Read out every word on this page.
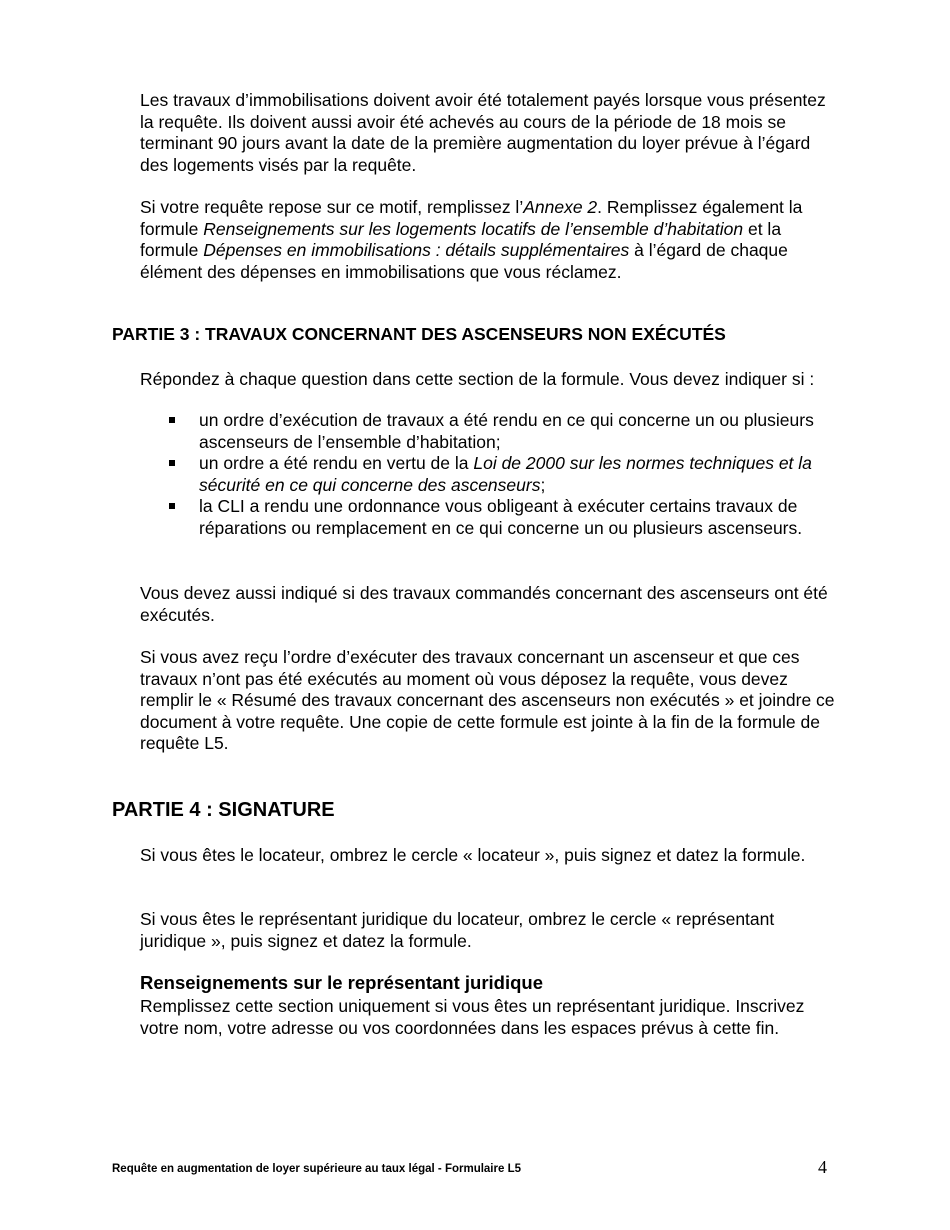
Les travaux d’immobilisations doivent avoir été totalement payés lorsque vous présentez la requête. Ils doivent aussi avoir été achevés au cours de la période de 18 mois se terminant 90 jours avant la date de la première augmentation du loyer prévue à l’égard des logements visés par la requête.

Si votre requête repose sur ce motif, remplissez l’Annexe 2. Remplissez également la formule Renseignements sur les logements locatifs de l’ensemble d’habitation et la formule Dépenses en immobilisations : détails supplémentaires à l’égard de chaque élément des dépenses en immobilisations que vous réclamez.

PARTIE 3 : TRAVAUX CONCERNANT DES ASCENSEURS NON EXÉCUTÉS

Répondez à chaque question dans cette section de la formule. Vous devez indiquer si :

un ordre d’exécution de travaux a été rendu en ce qui concerne un ou plusieurs ascenseurs de l’ensemble d’habitation;
un ordre a été rendu en vertu de la Loi de 2000 sur les normes techniques et la sécurité en ce qui concerne des ascenseurs;
la CLI a rendu une ordonnance vous obligeant à exécuter certains travaux de réparations ou remplacement en ce qui concerne un ou plusieurs ascenseurs.

Vous devez aussi indiqué si des travaux commandés concernant des ascenseurs ont été exécutés.

Si vous avez reçu l’ordre d’exécuter des travaux concernant un ascenseur et que ces travaux n’ont pas été exécutés au moment où vous déposez la requête, vous devez remplir le « Résumé des travaux concernant des ascenseurs non exécutés » et joindre ce document à votre requête. Une copie de cette formule est jointe à la fin de la formule de requête L5.

PARTIE 4 : SIGNATURE

Si vous êtes le locateur, ombrez le cercle « locateur », puis signez et datez la formule.

Si vous êtes le représentant juridique du locateur, ombrez le cercle « représentant juridique », puis signez et datez la formule.

Renseignements sur le représentant juridique

Remplissez cette section uniquement si vous êtes un représentant juridique. Inscrivez votre nom, votre adresse ou vos coordonnées dans les espaces prévus à cette fin.

Requête en augmentation de loyer supérieure au taux légal - Formulaire L5	4
